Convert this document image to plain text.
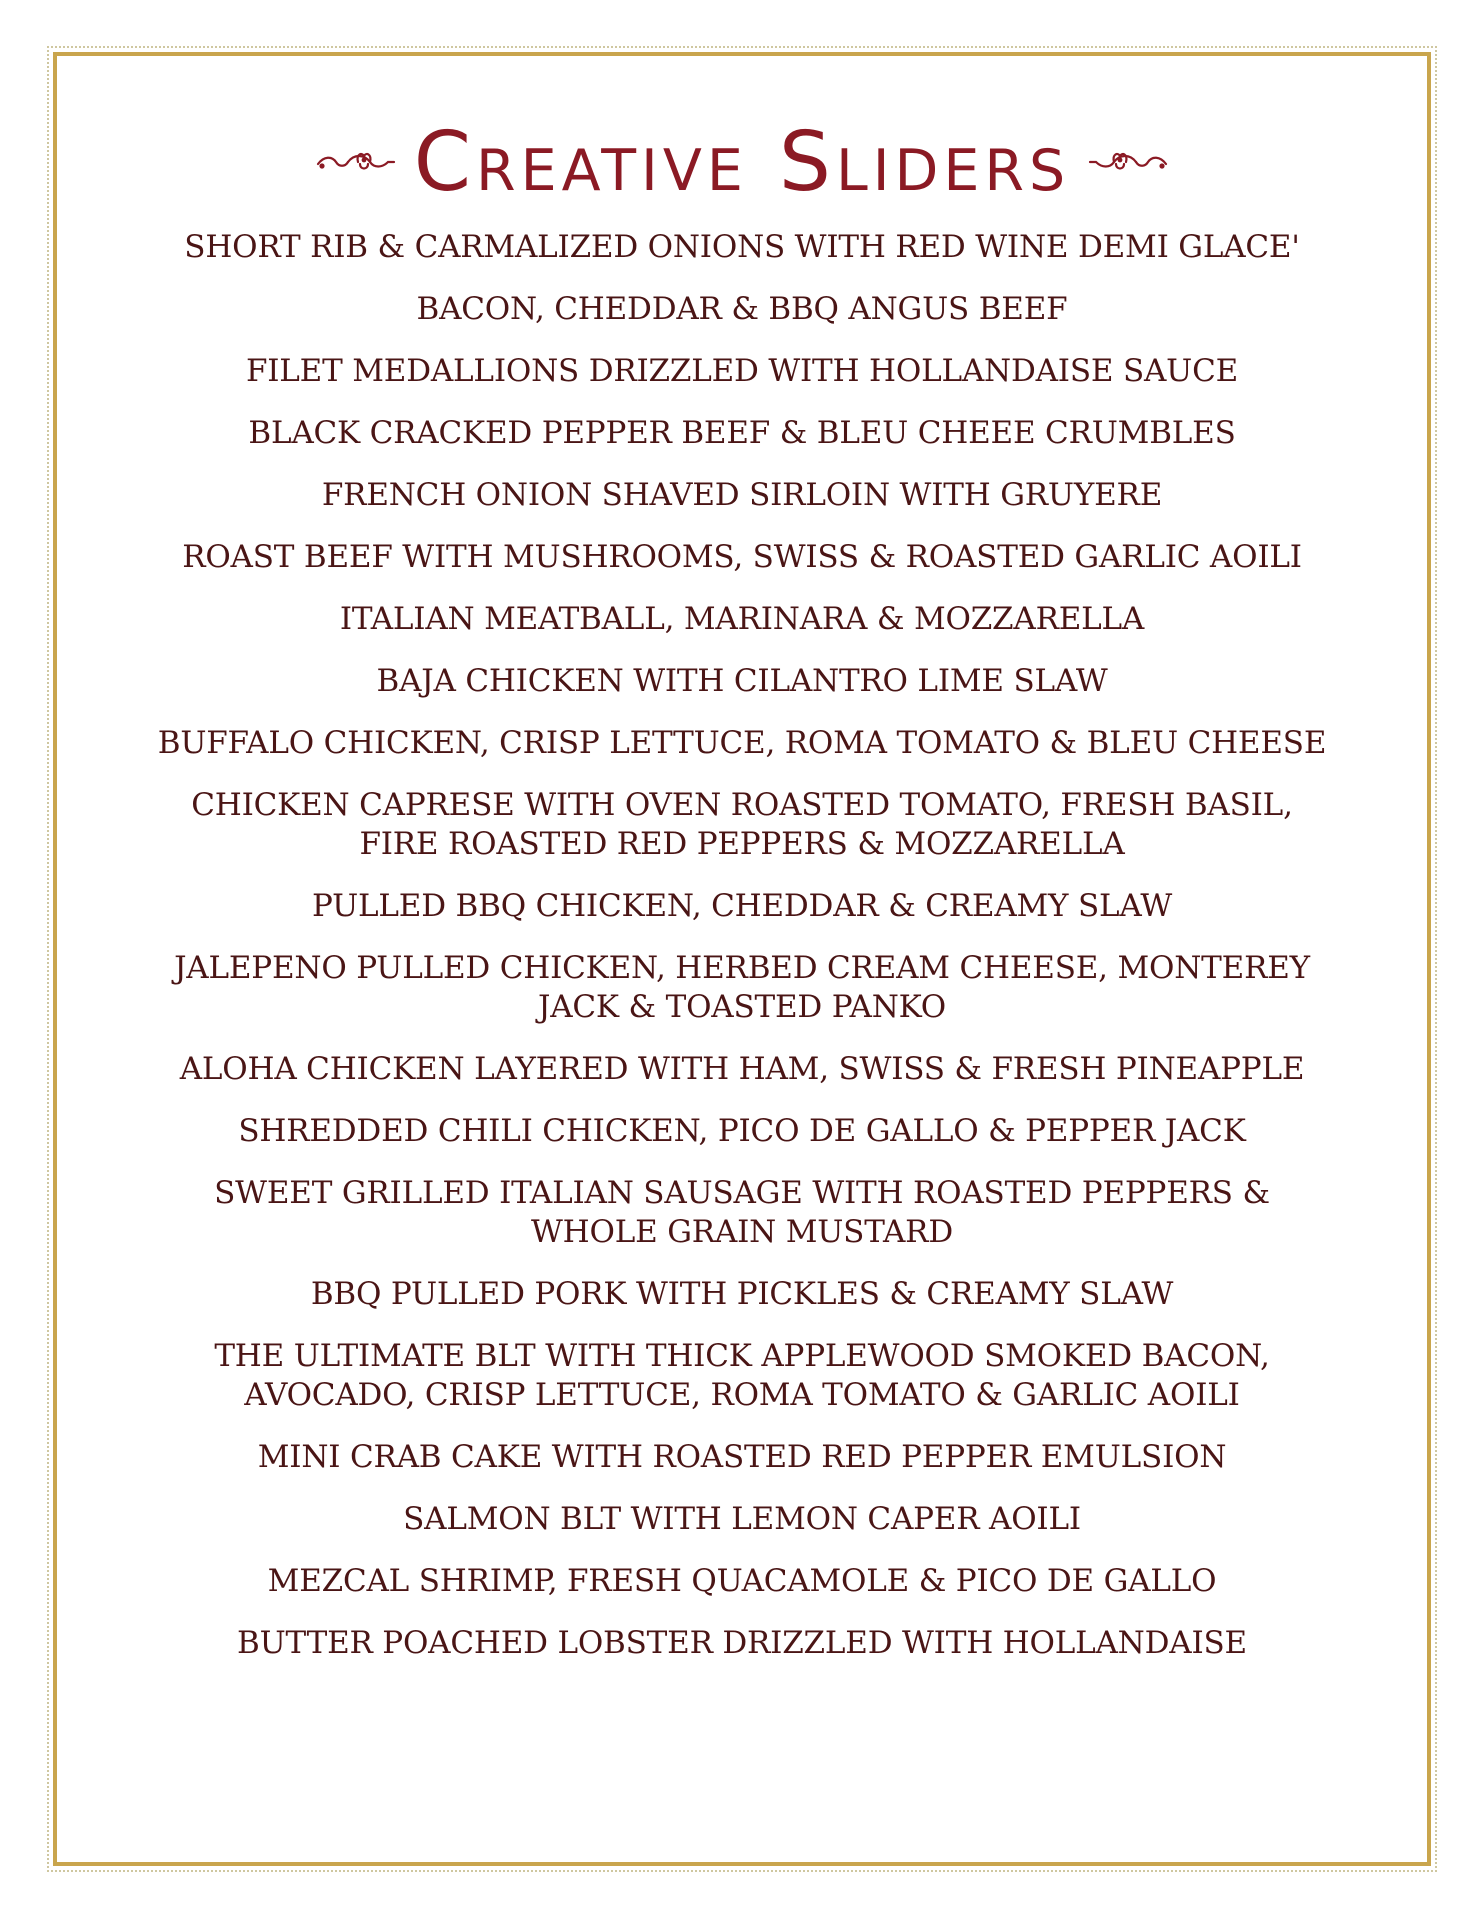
Creative Sliders
SHORT RIB & CARMALIZED ONIONS WITH RED WINE DEMI GLACE'
BACON, CHEDDAR & BBQ ANGUS BEEF
FILET MEDALLIONS DRIZZLED WITH HOLLANDAISE SAUCE
BLACK CRACKED PEPPER BEEF & BLEU CHEEE CRUMBLES
FRENCH ONION SHAVED SIRLOIN WITH GRUYERE
ROAST BEEF WITH MUSHROOMS, SWISS & ROASTED GARLIC AOILI
ITALIAN MEATBALL, MARINARA & MOZZARELLA
BAJA CHICKEN WITH CILANTRO LIME SLAW
BUFFALO CHICKEN, CRISP LETTUCE, ROMA TOMATO & BLEU CHEESE
CHICKEN CAPRESE WITH OVEN ROASTED TOMATO, FRESH BASIL,
FIRE ROASTED RED PEPPERS & MOZZARELLA
PULLED BBQ CHICKEN, CHEDDAR & CREAMY SLAW
JALEPENO PULLED CHICKEN, HERBED CREAM CHEESE, MONTEREY
JACK & TOASTED PANKO
ALOHA CHICKEN LAYERED WITH HAM, SWISS & FRESH PINEAPPLE
SHREDDED CHILI CHICKEN, PICO DE GALLO & PEPPER JACK
SWEET GRILLED ITALIAN SAUSAGE WITH ROASTED PEPPERS &
WHOLE GRAIN MUSTARD
BBQ PULLED PORK WITH PICKLES & CREAMY SLAW
THE ULTIMATE BLT WITH THICK APPLEWOOD SMOKED BACON,
AVOCADO, CRISP LETTUCE, ROMA TOMATO & GARLIC AOILI
MINI CRAB CAKE WITH ROASTED RED PEPPER EMULSION
SALMON BLT WITH LEMON CAPER AOILI
MEZCAL SHRIMP, FRESH QUACAMOLE & PICO DE GALLO
BUTTER POACHED LOBSTER DRIZZLED WITH HOLLANDAISE
